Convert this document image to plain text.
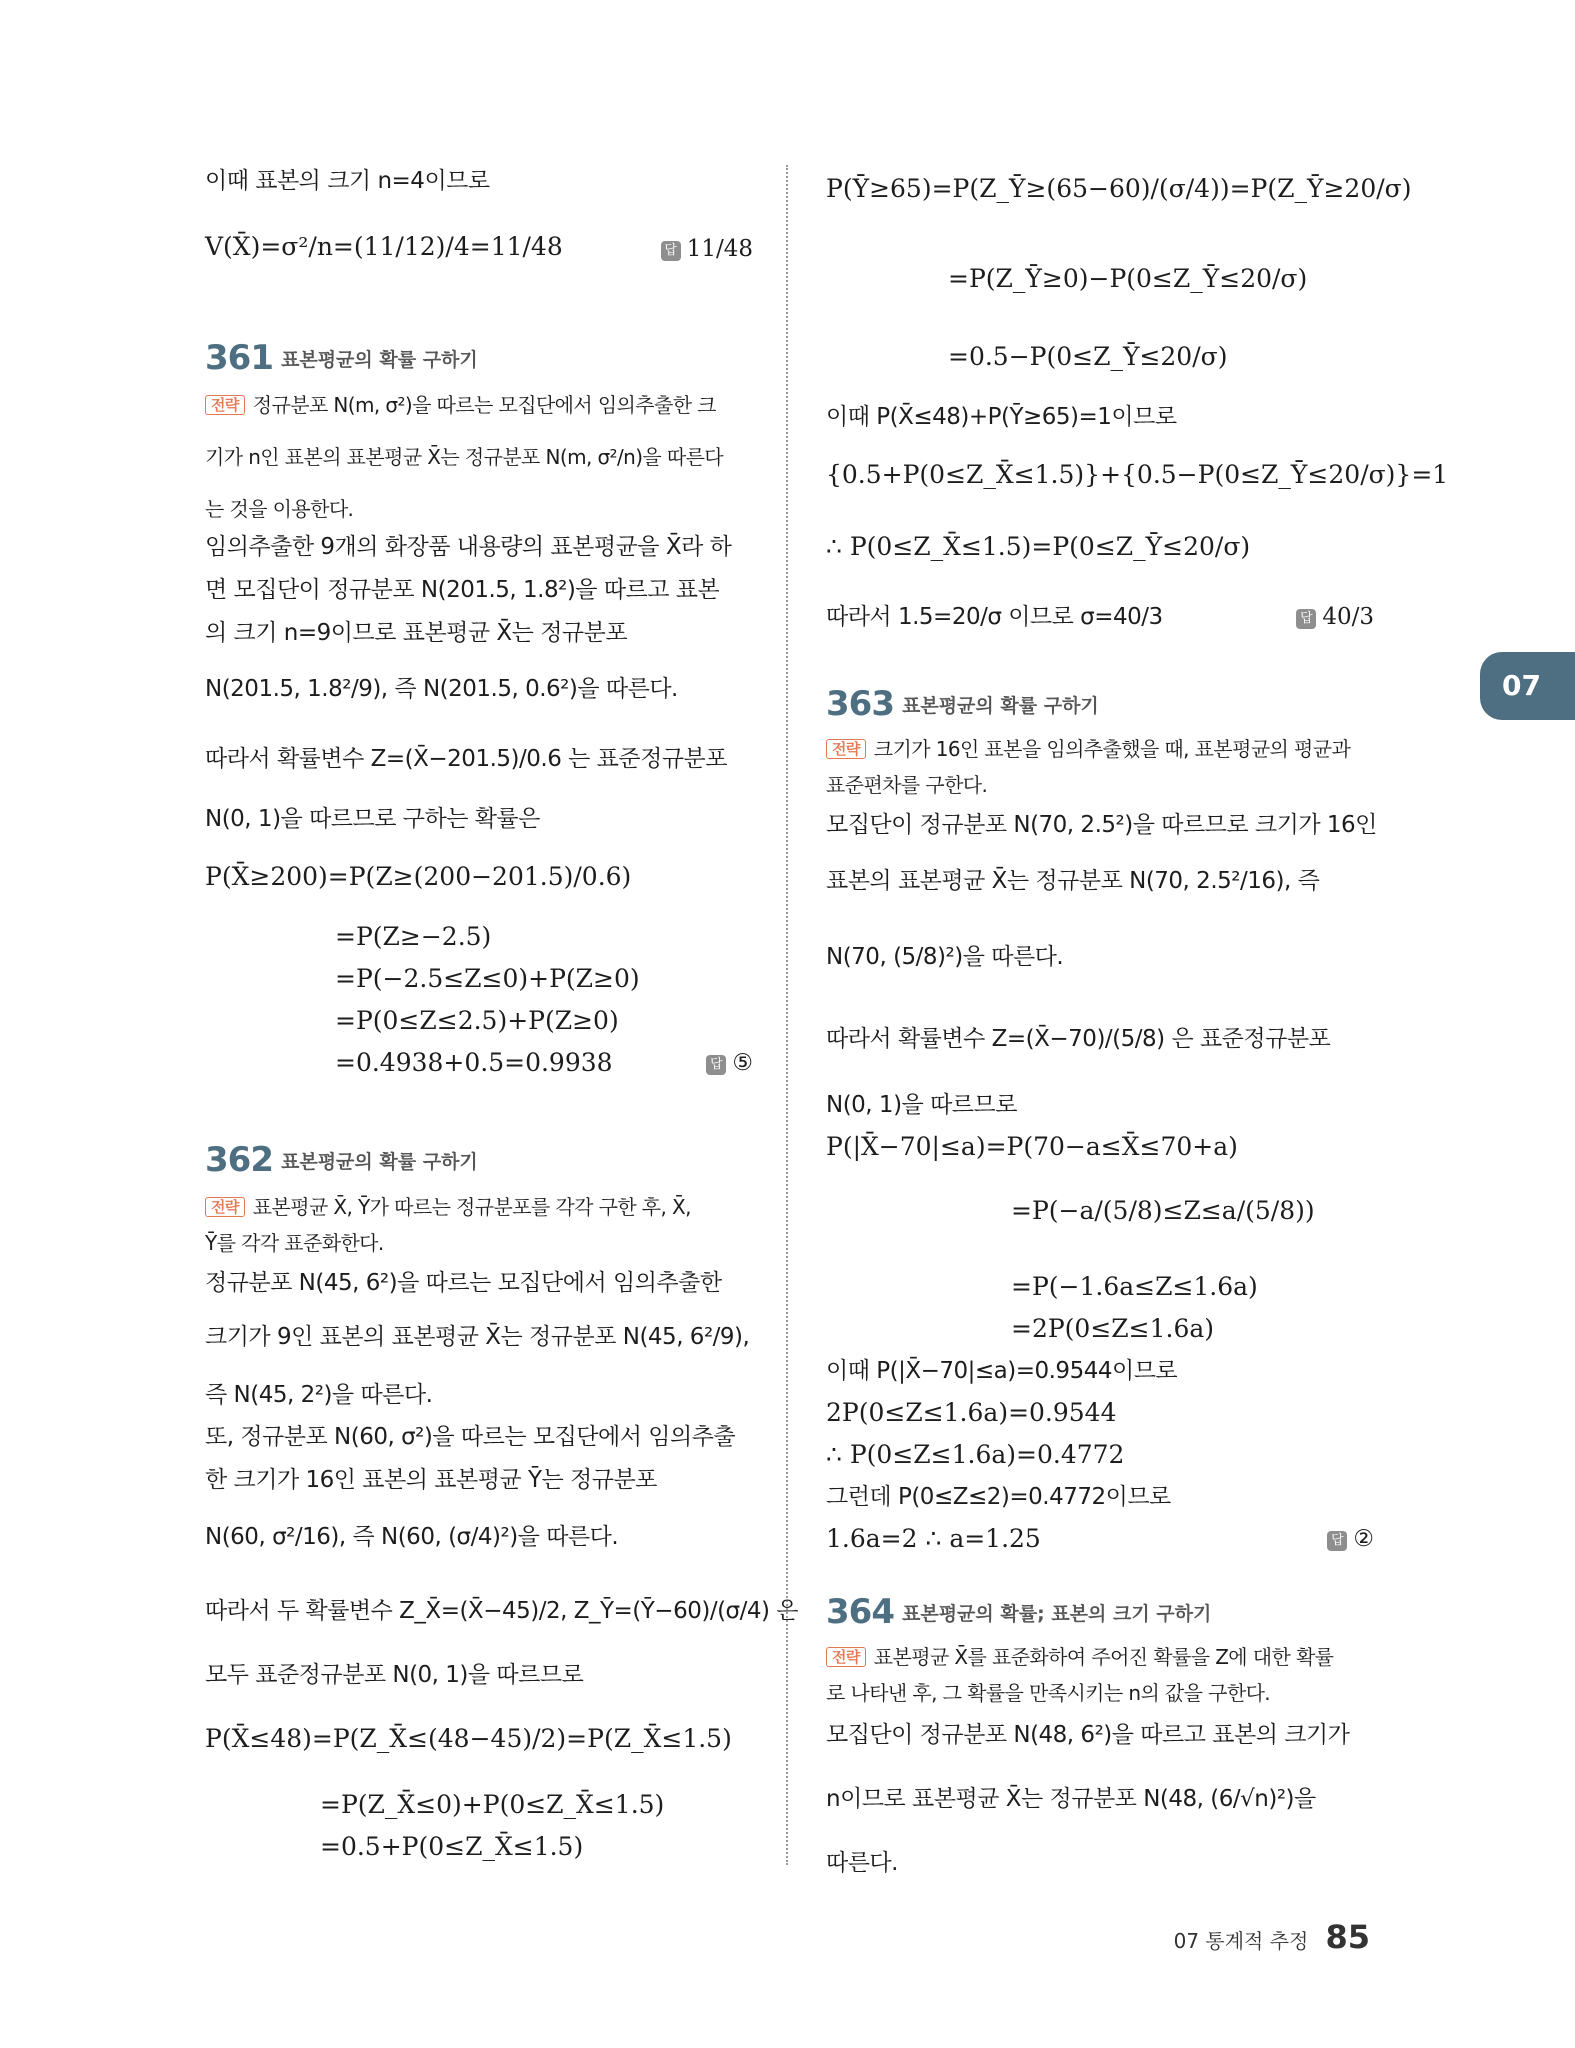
이때 표본의 크기 n=4이므로
V(X̄)=σ²/n=(11/12)/4=11/48	답 11/48
361 표본평균의 확률 구하기
전략 정규분포 N(m, σ²)을 따르는 모집단에서 임의추출한 크
기가 n인 표본의 표본평균 X̄는 정규분포 N(m, σ²/n)을 따른다
는 것을 이용한다.
임의추출한 9개의 화장품 내용량의 표본평균을 X̄라 하
면 모집단이 정규분포 N(201.5, 1.8²)을 따르고 표본
의 크기 n=9이므로 표본평균 X̄는 정규분포
N(201.5, 1.8²/9), 즉 N(201.5, 0.6²)을 따른다.
따라서 확률변수 Z=(X̄−201.5)/0.6 는 표준정규분포
N(0, 1)을 따르므로 구하는 확률은
P(X̄≥200)=P(Z≥(200−201.5)/0.6)
=P(Z≥−2.5)
=P(−2.5≤Z≤0)+P(Z≥0)
=P(0≤Z≤2.5)+P(Z≥0)
=0.4938+0.5=0.9938	답 ⑤
362 표본평균의 확률 구하기
전략 표본평균 X̄, Ȳ가 따르는 정규분포를 각각 구한 후, X̄,
Ȳ를 각각 표준화한다.
정규분포 N(45, 6²)을 따르는 모집단에서 임의추출한
크기가 9인 표본의 표본평균 X̄는 정규분포 N(45, 6²/9),
즉 N(45, 2²)을 따른다.
또, 정규분포 N(60, σ²)을 따르는 모집단에서 임의추출
한 크기가 16인 표본의 표본평균 Ȳ는 정규분포
N(60, σ²/16), 즉 N(60, (σ/4)²)을 따른다.
따라서 두 확률변수 Z_X̄=(X̄−45)/2, Z_Ȳ=(Ȳ−60)/(σ/4) 은
모두 표준정규분포 N(0, 1)을 따르므로
P(X̄≤48)=P(Z_X̄≤(48−45)/2)=P(Z_X̄≤1.5)
=P(Z_X̄≤0)+P(0≤Z_X̄≤1.5)
=0.5+P(0≤Z_X̄≤1.5)
P(Ȳ≥65)=P(Z_Ȳ≥(65−60)/(σ/4))=P(Z_Ȳ≥20/σ)
=P(Z_Ȳ≥0)−P(0≤Z_Ȳ≤20/σ)
=0.5−P(0≤Z_Ȳ≤20/σ)
이때 P(X̄≤48)+P(Ȳ≥65)=1이므로
{0.5+P(0≤Z_X̄≤1.5)}+{0.5−P(0≤Z_Ȳ≤20/σ)}=1
∴ P(0≤Z_X̄≤1.5)=P(0≤Z_Ȳ≤20/σ)
따라서 1.5=20/σ 이므로 σ=40/3	답 40/3
363 표본평균의 확률 구하기
전략 크기가 16인 표본을 임의추출했을 때, 표본평균의 평균과
표준편차를 구한다.
모집단이 정규분포 N(70, 2.5²)을 따르므로 크기가 16인
표본의 표본평균 X̄는 정규분포 N(70, 2.5²/16), 즉
N(70, (5/8)²)을 따른다.
따라서 확률변수 Z=(X̄−70)/(5/8) 은 표준정규분포
N(0, 1)을 따르므로
P(|X̄−70|≤a)=P(70−a≤X̄≤70+a)
=P(−a/(5/8)≤Z≤a/(5/8))
=P(−1.6a≤Z≤1.6a)
=2P(0≤Z≤1.6a)
이때 P(|X̄−70|≤a)=0.9544이므로
2P(0≤Z≤1.6a)=0.9544
∴ P(0≤Z≤1.6a)=0.4772
그런데 P(0≤Z≤2)=0.4772이므로
1.6a=2 ∴ a=1.25	답 ②
364 표본평균의 확률; 표본의 크기 구하기
전략 표본평균 X̄를 표준화하여 주어진 확률을 Z에 대한 확률
로 나타낸 후, 그 확률을 만족시키는 n의 값을 구한다.
모집단이 정규분포 N(48, 6²)을 따르고 표본의 크기가
n이므로 표본평균 X̄는 정규분포 N(48, (6/√n)²)을
따른다.
07
07 통계적 추정 85
